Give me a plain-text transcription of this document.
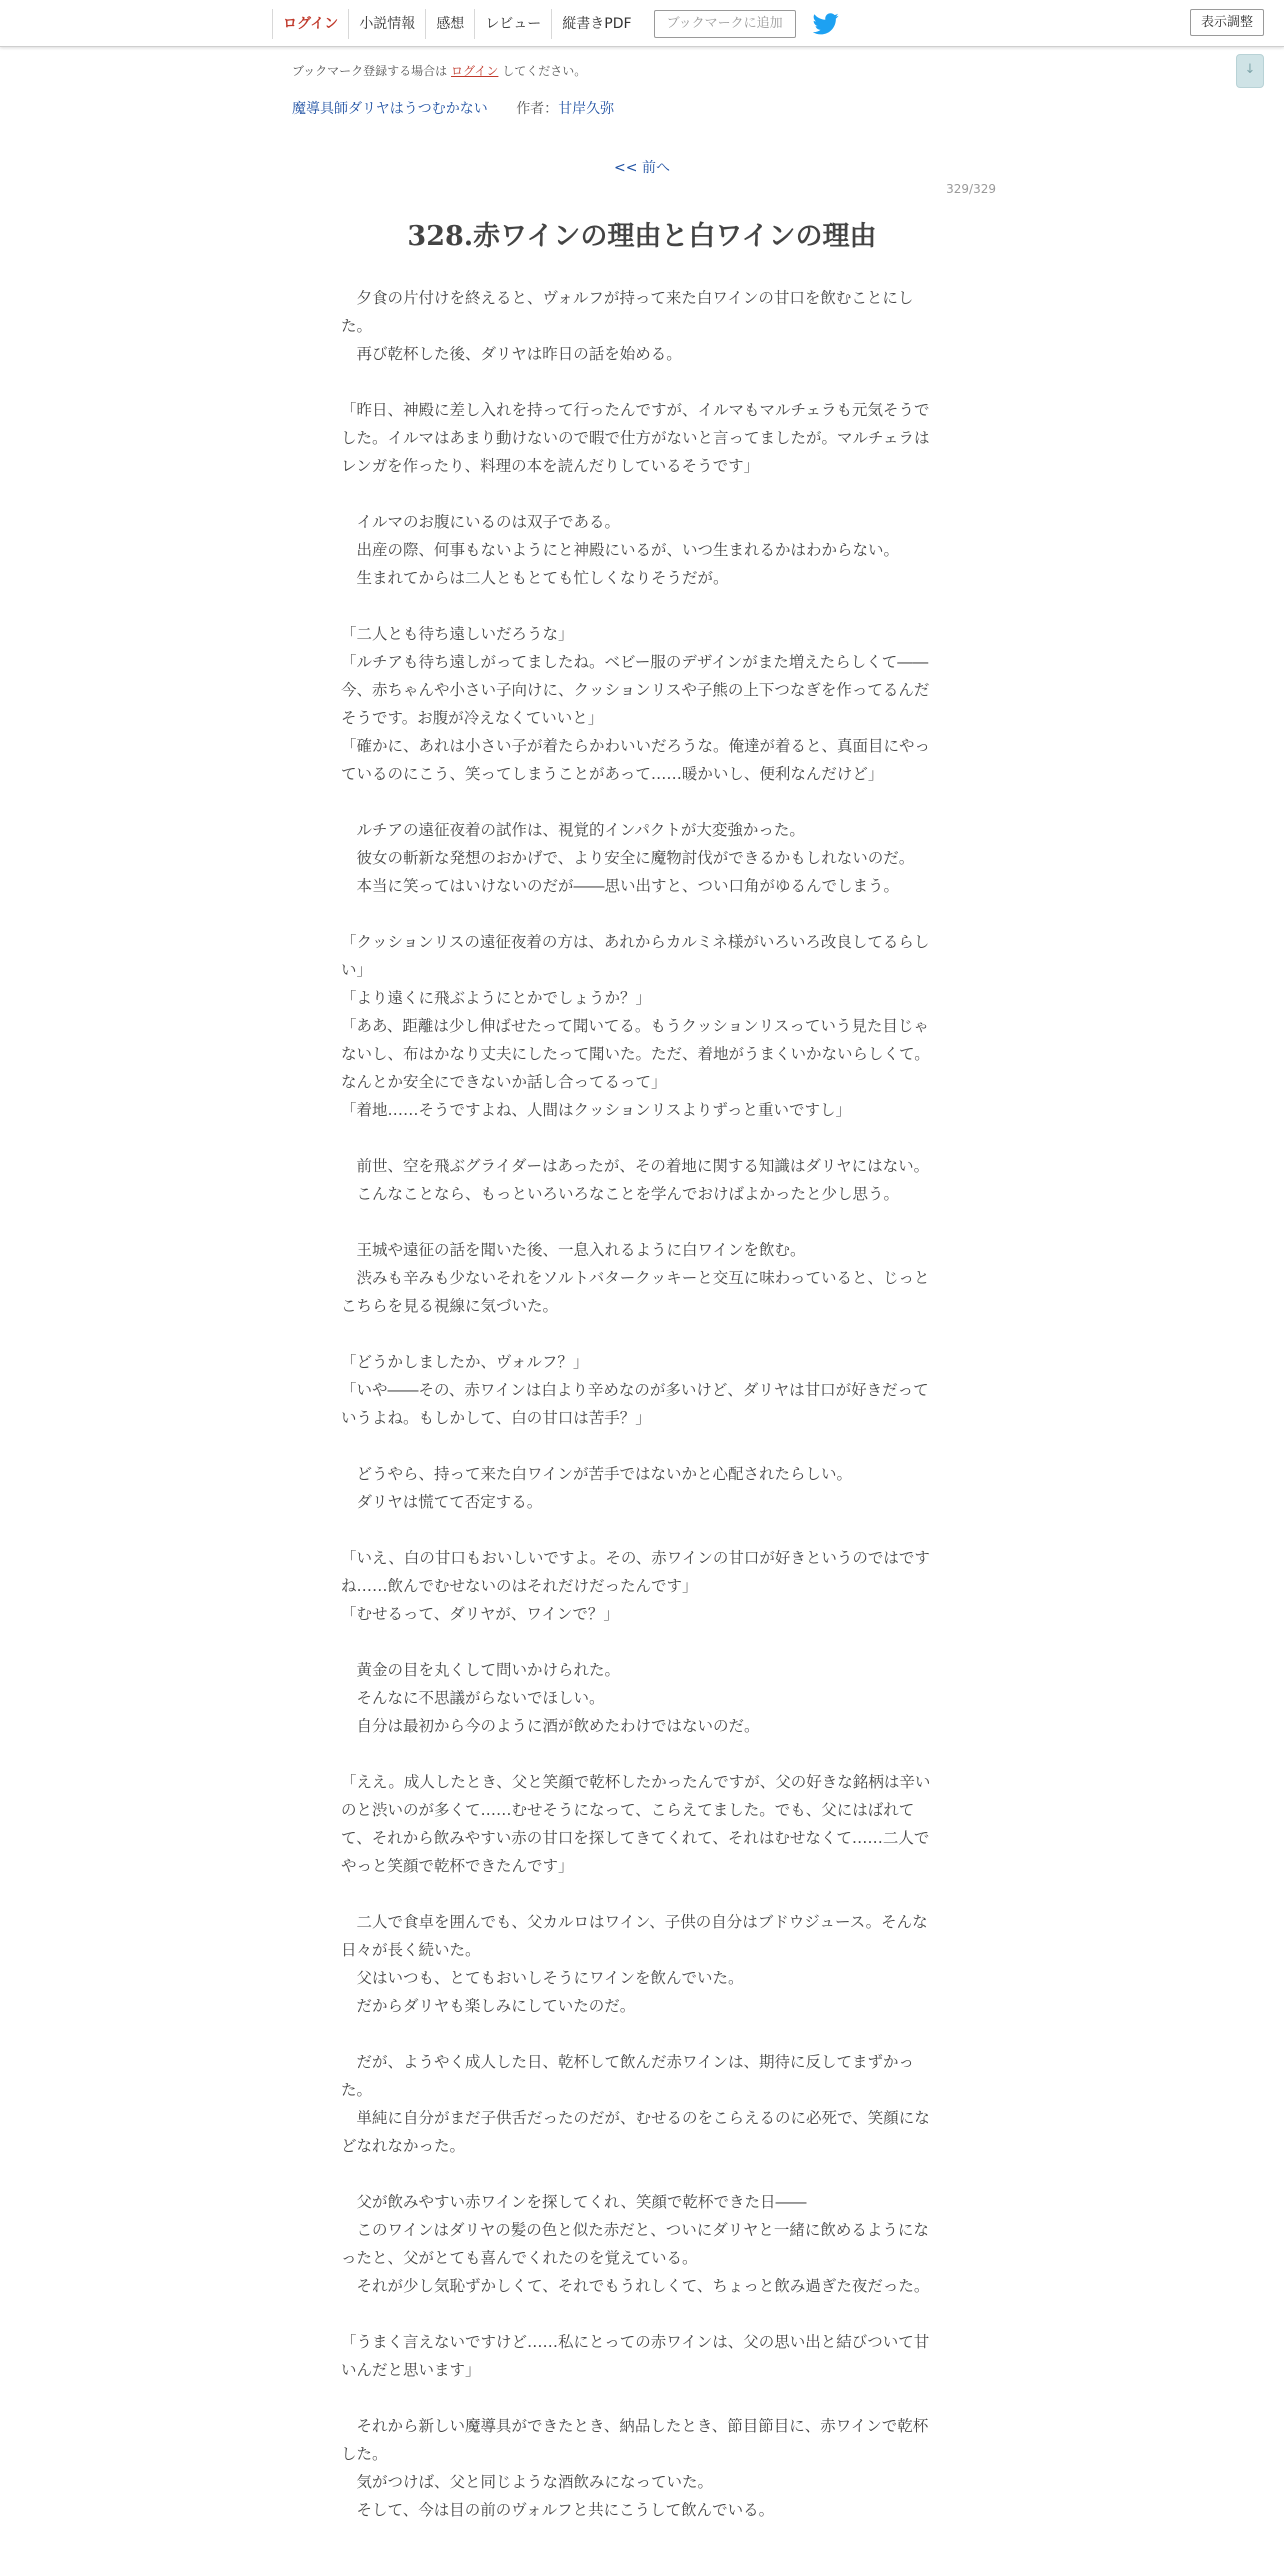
ログイン	小説情報	感想	レビュー	縦書きPDF	ブックマークに追加	表示調整
↓
ブックマーク登録する場合は ログイン してください。
魔導具師ダリヤはうつむかない 作者：甘岸久弥
<< 前へ
329/329
328.赤ワインの理由と白ワインの理由

　夕食の片付けを終えると、ヴォルフが持って来た白ワインの甘口を飲むことにした。

　再び乾杯した後、ダリヤは昨日の話を始める。

「昨日、神殿に差し入れを持って行ったんですが、イルマもマルチェラも元気そうでした。イルマはあまり動けないので暇で仕方がないと言ってましたが。マルチェラはレンガを作ったり、料理の本を読んだりしているそうです」

　イルマのお腹にいるのは双子である。

　出産の際、何事もないようにと神殿にいるが、いつ生まれるかはわからない。

　生まれてからは二人ともとても忙しくなりそうだが。

「二人とも待ち遠しいだろうな」

「ルチアも待ち遠しがってましたね。ベビー服のデザインがまた増えたらしくて――今、赤ちゃんや小さい子向けに、クッションリスや子熊の上下つなぎを作ってるんだそうです。お腹が冷えなくていいと」

「確かに、あれは小さい子が着たらかわいいだろうな。俺達が着ると、真面目にやっているのにこう、笑ってしまうことがあって……暖かいし、便利なんだけど」

　ルチアの遠征夜着の試作は、視覚的インパクトが大変強かった。

　彼女の斬新な発想のおかげで、より安全に魔物討伐ができるかもしれないのだ。

　本当に笑ってはいけないのだが――思い出すと、つい口角がゆるんでしまう。

「クッションリスの遠征夜着の方は、あれからカルミネ様がいろいろ改良してるらしい」

「より遠くに飛ぶようにとかでしょうか？」

「ああ、距離は少し伸ばせたって聞いてる。もうクッションリスっていう見た目じゃないし、布はかなり丈夫にしたって聞いた。ただ、着地がうまくいかないらしくて。なんとか安全にできないか話し合ってるって」

「着地……そうですよね、人間はクッションリスよりずっと重いですし」

　前世、空を飛ぶグライダーはあったが、その着地に関する知識はダリヤにはない。

　こんなことなら、もっといろいろなことを学んでおけばよかったと少し思う。

　王城や遠征の話を聞いた後、一息入れるように白ワインを飲む。

　渋みも辛みも少ないそれをソルトバタークッキーと交互に味わっていると、じっとこちらを見る視線に気づいた。

「どうかしましたか、ヴォルフ？」

「いや――その、赤ワインは白より辛めなのが多いけど、ダリヤは甘口が好きだっていうよね。もしかして、白の甘口は苦手？」

　どうやら、持って来た白ワインが苦手ではないかと心配されたらしい。

　ダリヤは慌てて否定する。

「いえ、白の甘口もおいしいですよ。その、赤ワインの甘口が好きというのではですね……飲んでむせないのはそれだけだったんです」

「むせるって、ダリヤが、ワインで？」

　黄金の目を丸くして問いかけられた。

　そんなに不思議がらないでほしい。

　自分は最初から今のように酒が飲めたわけではないのだ。

「ええ。成人したとき、父と笑顔で乾杯したかったんですが、父の好きな銘柄は辛いのと渋いのが多くて……むせそうになって、こらえてました。でも、父にはばれてて、それから飲みやすい赤の甘口を探してきてくれて、それはむせなくて……二人でやっと笑顔で乾杯できたんです」

　二人で食卓を囲んでも、父カルロはワイン、子供の自分はブドウジュース。そんな日々が長く続いた。

　父はいつも、とてもおいしそうにワインを飲んでいた。

　だからダリヤも楽しみにしていたのだ。

　だが、ようやく成人した日、乾杯して飲んだ赤ワインは、期待に反してまずかった。

　単純に自分がまだ子供舌だったのだが、むせるのをこらえるのに必死で、笑顔になどなれなかった。

　父が飲みやすい赤ワインを探してくれ、笑顔で乾杯できた日――

　このワインはダリヤの髪の色と似た赤だと、ついにダリヤと一緒に飲めるようになったと、父がとても喜んでくれたのを覚えている。

　それが少し気恥ずかしくて、それでもうれしくて、ちょっと飲み過ぎた夜だった。

「うまく言えないですけど……私にとっての赤ワインは、父の思い出と結びついて甘いんだと思います」

　それから新しい魔導具ができたとき、納品したとき、節目節目に、赤ワインで乾杯した。

　気がつけば、父と同じような酒飲みになっていた。

　そして、今は目の前のヴォルフと共にこうして飲んでいる。
